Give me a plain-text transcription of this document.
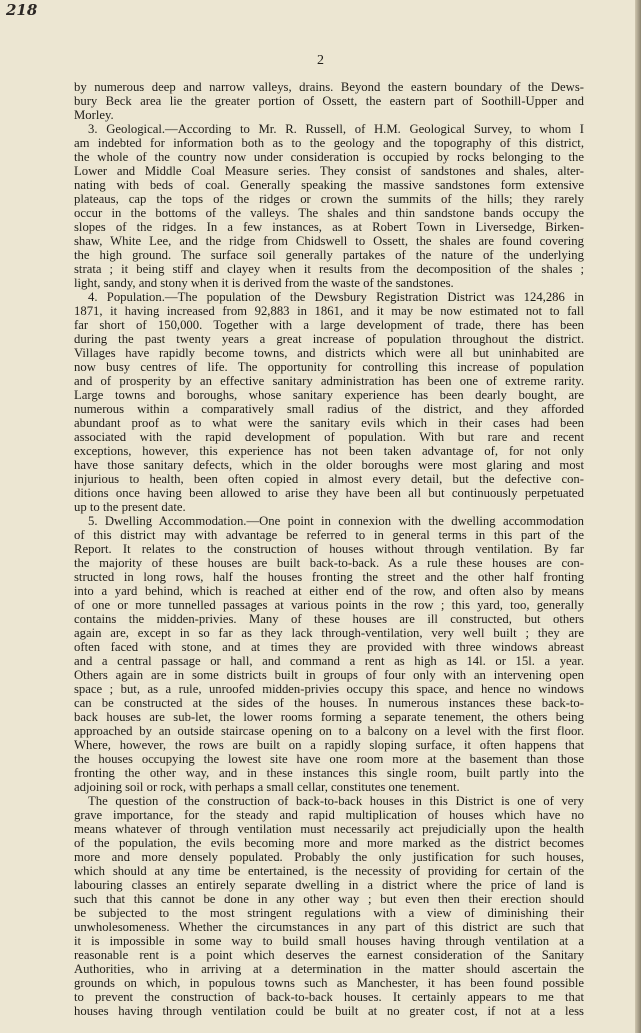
218
2
by numerous deep and narrow valleys, drains. Beyond the eastern boundary of the Dews-
bury Beck area lie the greater portion of Ossett, the eastern part of Soothill-Upper and
Morley.
3. Geological.—According to Mr. R. Russell, of H.M. Geological Survey, to whom I
am indebted for information both as to the geology and the topography of this district,
the whole of the country now under consideration is occupied by rocks belonging to the
Lower and Middle Coal Measure series. They consist of sandstones and shales, alter-
nating with beds of coal. Generally speaking the massive sandstones form extensive
plateaus, cap the tops of the ridges or crown the summits of the hills; they rarely
occur in the bottoms of the valleys. The shales and thin sandstone bands occupy the
slopes of the ridges. In a few instances, as at Robert Town in Liversedge, Birken-
shaw, White Lee, and the ridge from Chidswell to Ossett, the shales are found covering
the high ground. The surface soil generally partakes of the nature of the underlying
strata ; it being stiff and clayey when it results from the decomposition of the shales ;
light, sandy, and stony when it is derived from the waste of the sandstones.
4. Population.—The population of the Dewsbury Registration District was 124,286 in
1871, it having increased from 92,883 in 1861, and it may be now estimated not to fall
far short of 150,000. Together with a large development of trade, there has been
during the past twenty years a great increase of population throughout the district.
Villages have rapidly become towns, and districts which were all but uninhabited are
now busy centres of life. The opportunity for controlling this increase of population
and of prosperity by an effective sanitary administration has been one of extreme rarity.
Large towns and boroughs, whose sanitary experience has been dearly bought, are
numerous within a comparatively small radius of the district, and they afforded
abundant proof as to what were the sanitary evils which in their cases had been
associated with the rapid development of population. With but rare and recent
exceptions, however, this experience has not been taken advantage of, for not only
have those sanitary defects, which in the older boroughs were most glaring and most
injurious to health, been often copied in almost every detail, but the defective con-
ditions once having been allowed to arise they have been all but continuously perpetuated
up to the present date.
5. Dwelling Accommodation.—One point in connexion with the dwelling accommodation
of this district may with advantage be referred to in general terms in this part of the
Report. It relates to the construction of houses without through ventilation. By far
the majority of these houses are built back-to-back. As a rule these houses are con-
structed in long rows, half the houses fronting the street and the other half fronting
into a yard behind, which is reached at either end of the row, and often also by means
of one or more tunnelled passages at various points in the row ; this yard, too, generally
contains the midden-privies. Many of these houses are ill constructed, but others
again are, except in so far as they lack through-ventilation, very well built ; they are
often faced with stone, and at times they are provided with three windows abreast
and a central passage or hall, and command a rent as high as 14l. or 15l. a year.
Others again are in some districts built in groups of four only with an intervening open
space ; but, as a rule, unroofed midden-privies occupy this space, and hence no windows
can be constructed at the sides of the houses. In numerous instances these back-to-
back houses are sub-let, the lower rooms forming a separate tenement, the others being
approached by an outside staircase opening on to a balcony on a level with the first floor.
Where, however, the rows are built on a rapidly sloping surface, it often happens that
the houses occupying the lowest site have one room more at the basement than those
fronting the other way, and in these instances this single room, built partly into the
adjoining soil or rock, with perhaps a small cellar, constitutes one tenement.
The question of the construction of back-to-back houses in this District is one of very
grave importance, for the steady and rapid multiplication of houses which have no
means whatever of through ventilation must necessarily act prejudicially upon the health
of the population, the evils becoming more and more marked as the district becomes
more and more densely populated. Probably the only justification for such houses,
which should at any time be entertained, is the necessity of providing for certain of the
labouring classes an entirely separate dwelling in a district where the price of land is
such that this cannot be done in any other way ; but even then their erection should
be subjected to the most stringent regulations with a view of diminishing their
unwholesomeness. Whether the circumstances in any part of this district are such that
it is impossible in some way to build small houses having through ventilation at a
reasonable rent is a point which deserves the earnest consideration of the Sanitary
Authorities, who in arriving at a determination in the matter should ascertain the
grounds on which, in populous towns such as Manchester, it has been found possible
to prevent the construction of back-to-back houses. It certainly appears to me that
houses having through ventilation could be built at no greater cost, if not at a less
